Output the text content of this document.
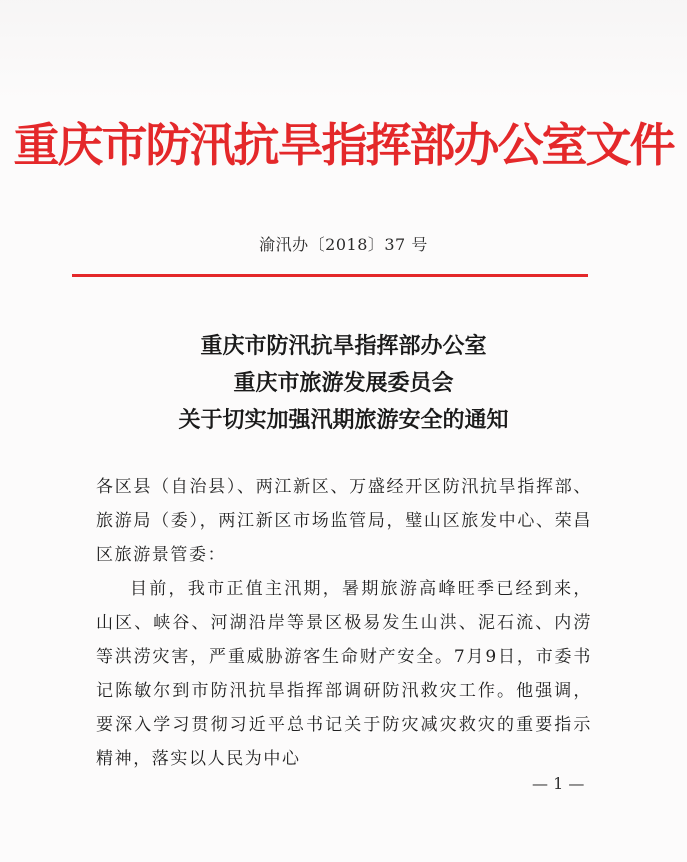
重庆市防汛抗旱指挥部办公室文件
渝汛办〔2018〕37 号
重庆市防汛抗旱指挥部办公室
重庆市旅游发展委员会
关于切实加强汛期旅游安全的通知

各区县（自治县）、两江新区、万盛经开区防汛抗旱指挥部、旅游局（委），两江新区市场监管局，璧山区旅发中心、荣昌区旅游景管委：

目前，我市正值主汛期，暑期旅游高峰旺季已经到来，山区、峡谷、河湖沿岸等景区极易发生山洪、泥石流、内涝等洪涝灾害，严重威胁游客生命财产安全。7月9日，市委书记陈敏尔到市防汛抗旱指挥部调研防汛救灾工作。他强调，要深入学习贯彻习近平总书记关于防灾减灾救灾的重要指示精神，落实以人民为中心

— 1 —
